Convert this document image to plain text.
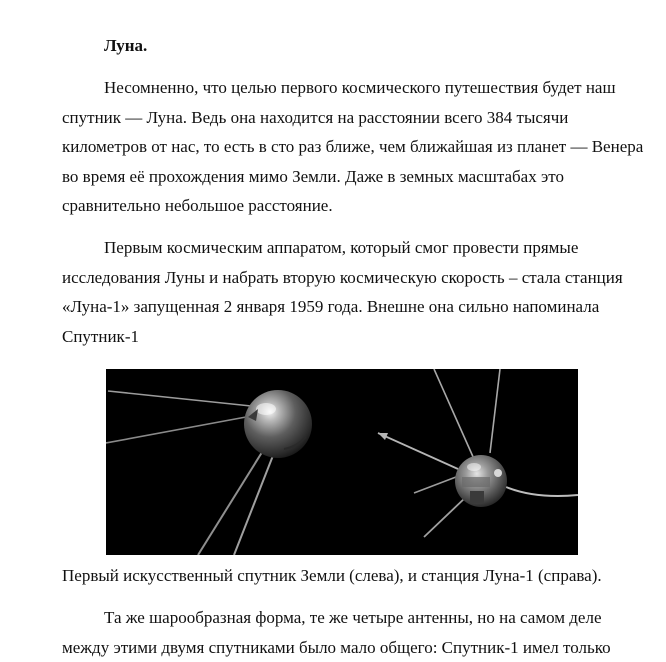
Луна.

Несомненно, что целью первого космического путешествия будет наш
спутник — Луна. Ведь она находится на расстоянии всего 384 тысячи
километров от нас, то есть в сто раз ближе, чем ближайшая из планет — Венера
во время её прохождения мимо Земли. Даже в земных масштабах это
сравнительно небольшое расстояние.

Первым космическим аппаратом, который смог провести прямые
исследования Луны и набрать вторую космическую скорость – стала станция
«Луна-1» запущенная 2 января 1959 года. Внешне она сильно напоминала
Спутник-1

Первый искусственный спутник Земли (слева), и станция Луна-1 (справа).

Та же шарообразная форма, те же четыре антенны, но на самом деле
между этими двумя спутниками было мало общего: Спутник-1 имел только
